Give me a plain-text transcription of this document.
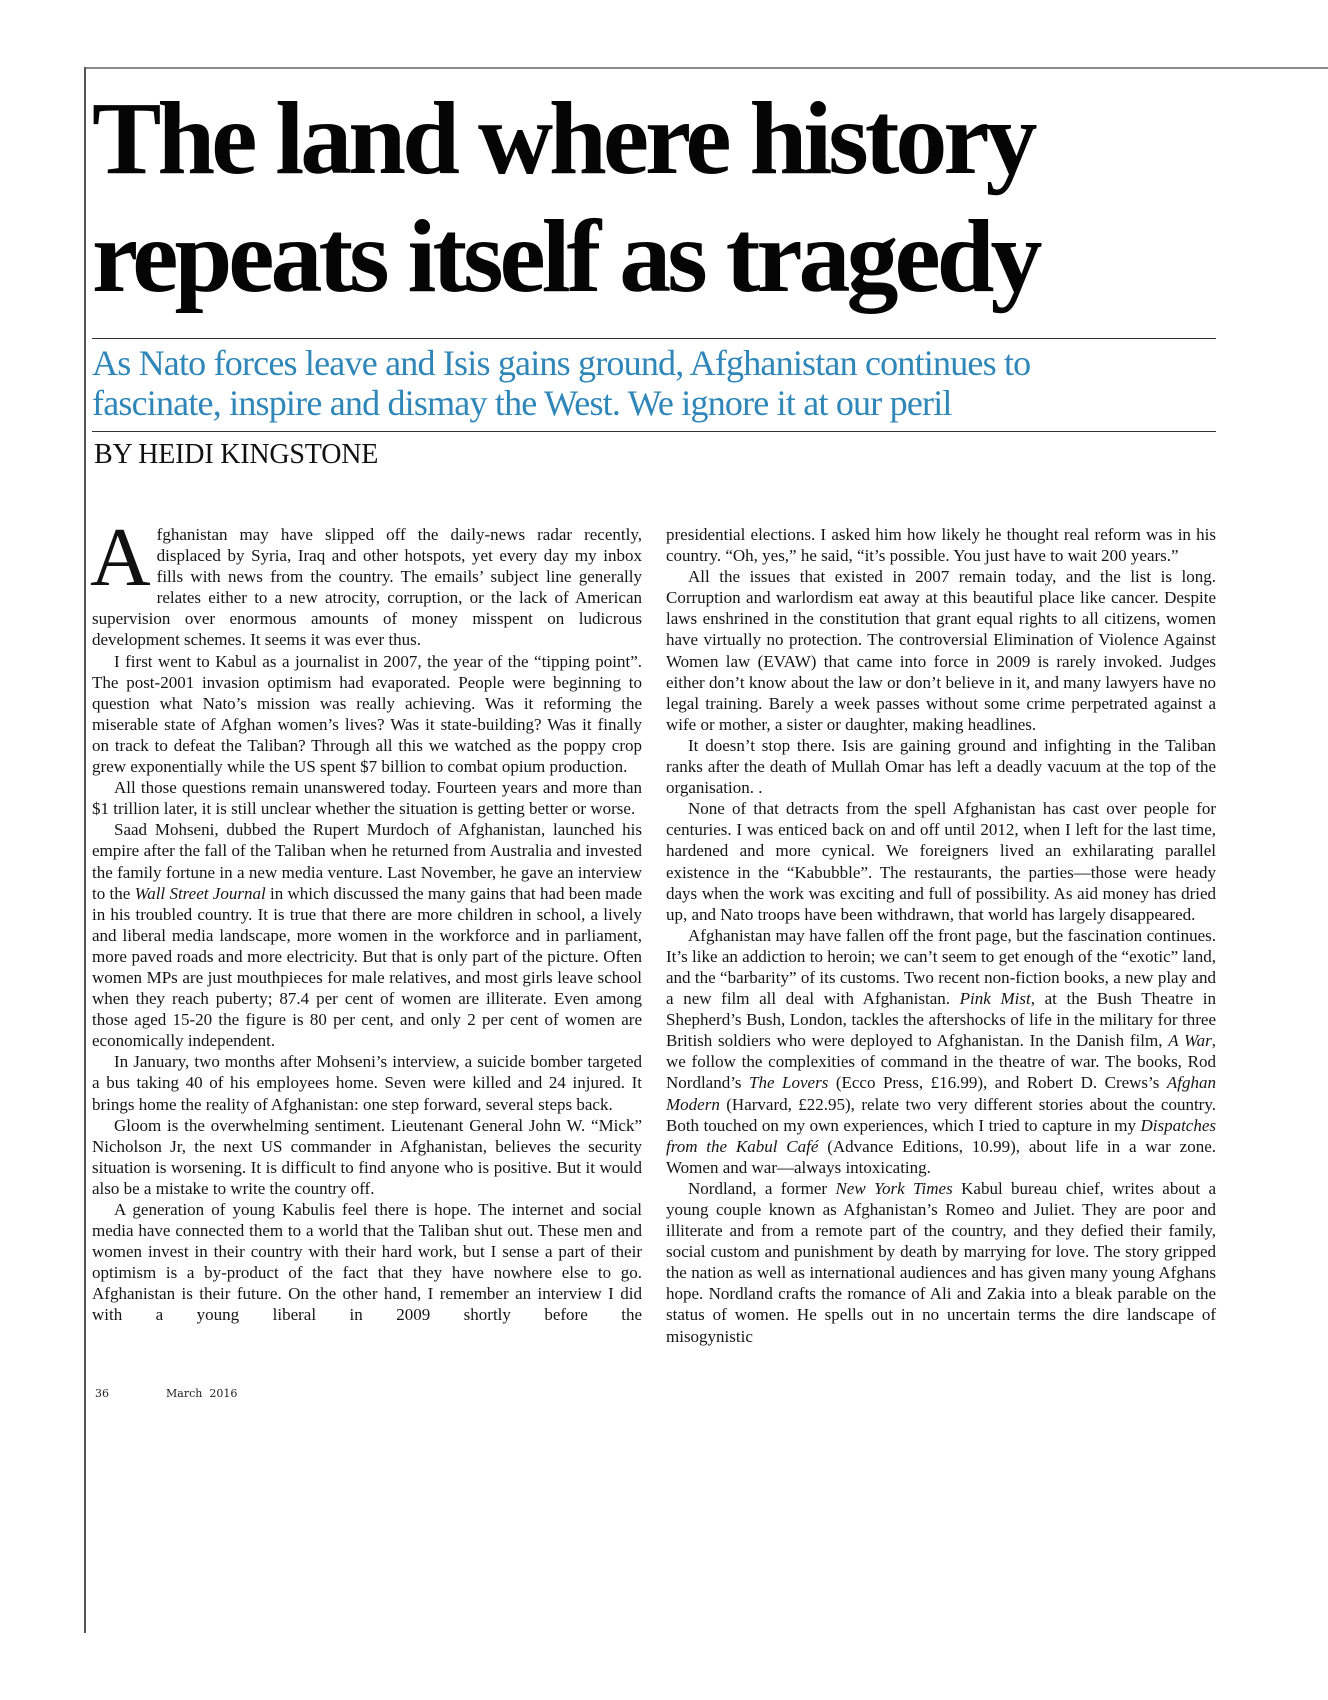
The land where history
repeats itself as tragedy
As Nato forces leave and Isis gains ground, Afghanistan continues to
fascinate, inspire and dismay the West. We ignore it at our peril

BY HEIDI KINGSTONE

Afghanistan may have slipped off the daily-news radar recently, displaced by Syria, Iraq and other hotspots, yet every day my inbox fills with news from the country. The emails’ subject line generally relates either to a new atrocity, corruption, or the lack of American supervision over enormous amounts of money misspent on ludicrous development schemes. It seems it was ever thus.

I first went to Kabul as a journalist in 2007, the year of the “tipping point”. The post-2001 invasion optimism had evaporated. People were beginning to question what Nato’s mission was really achieving. Was it reforming the miserable state of Afghan women’s lives? Was it state-building? Was it finally on track to defeat the Taliban? Through all this we watched as the poppy crop grew exponentially while the US spent $7 billion to combat opium production.

All those questions remain unanswered today. Fourteen years and more than $1 trillion later, it is still unclear whether the situation is getting better or worse.

Saad Mohseni, dubbed the Rupert Murdoch of Afghanistan, launched his empire after the fall of the Taliban when he returned from Australia and invested the family fortune in a new media venture. Last November, he gave an interview to the Wall Street Journal in which discussed the many gains that had been made in his troubled country. It is true that there are more children in school, a lively and liberal media landscape, more women in the workforce and in parliament, more paved roads and more electricity. But that is only part of the picture. Often women MPs are just mouthpieces for male relatives, and most girls leave school when they reach puberty; 87.4 per cent of women are illiterate. Even among those aged 15-20 the figure is 80 per cent, and only 2 per cent of women are economically independent.

In January, two months after Mohseni’s interview, a suicide bomber targeted a bus taking 40 of his employees home. Seven were killed and 24 injured. It brings home the reality of Afghanistan: one step forward, several steps back.

Gloom is the overwhelming sentiment. Lieutenant General John W. “Mick” Nicholson Jr, the next US commander in Afghanistan, believes the security situation is worsening. It is difficult to find anyone who is positive. But it would also be a mistake to write the country off.

A generation of young Kabulis feel there is hope. The internet and social media have connected them to a world that the Taliban shut out. These men and women invest in their country with their hard work, but I sense a part of their optimism is a by-product of the fact that they have nowhere else to go. Afghanistan is their future. On the other hand, I remember an interview I did with a young liberal in 2009 shortly before the

presidential elections. I asked him how likely he thought real reform was in his country. “Oh, yes,” he said, “it’s possible. You just have to wait 200 years.”

All the issues that existed in 2007 remain today, and the list is long. Corruption and warlordism eat away at this beautiful place like cancer. Despite laws enshrined in the constitution that grant equal rights to all citizens, women have virtually no protection. The controversial Elimination of Violence Against Women law (EVAW) that came into force in 2009 is rarely invoked. Judges either don’t know about the law or don’t believe in it, and many lawyers have no legal training. Barely a week passes without some crime perpetrated against a wife or mother, a sister or daughter, making headlines.

It doesn’t stop there. Isis are gaining ground and infighting in the Taliban ranks after the death of Mullah Omar has left a deadly vacuum at the top of the organisation. .

None of that detracts from the spell Afghanistan has cast over people for centuries. I was enticed back on and off until 2012, when I left for the last time, hardened and more cynical. We foreigners lived an exhilarating parallel existence in the “Kabubble”. The restaurants, the parties—those were heady days when the work was exciting and full of possibility. As aid money has dried up, and Nato troops have been withdrawn, that world has largely disappeared.

Afghanistan may have fallen off the front page, but the fascination continues. It’s like an addiction to heroin; we can’t seem to get enough of the “exotic” land, and the “barbarity” of its customs. Two recent non-fiction books, a new play and a new film all deal with Afghanistan. Pink Mist, at the Bush Theatre in Shepherd’s Bush, London, tackles the aftershocks of life in the military for three British soldiers who were deployed to Afghanistan. In the Danish film, A War, we follow the complexities of command in the theatre of war. The books, Rod Nordland’s The Lovers (Ecco Press, £16.99), and Robert D. Crews’s Afghan Modern (Harvard, £22.95), relate two very different stories about the country. Both touched on my own experiences, which I tried to capture in my Dispatches from the Kabul Café (Advance Editions, 10.99), about life in a war zone. Women and war—always intoxicating.

Nordland, a former New York Times Kabul bureau chief, writes about a young couple known as Afghanistan’s Romeo and Juliet. They are poor and illiterate and from a remote part of the country, and they defied their family, social custom and punishment by death by marrying for love. The story gripped the nation as well as international audiences and has given many young Afghans hope. Nordland crafts the romance of Ali and Zakia into a bleak parable on the status of women. He spells out in no uncertain terms the dire landscape of misogynistic

36	March  2016
